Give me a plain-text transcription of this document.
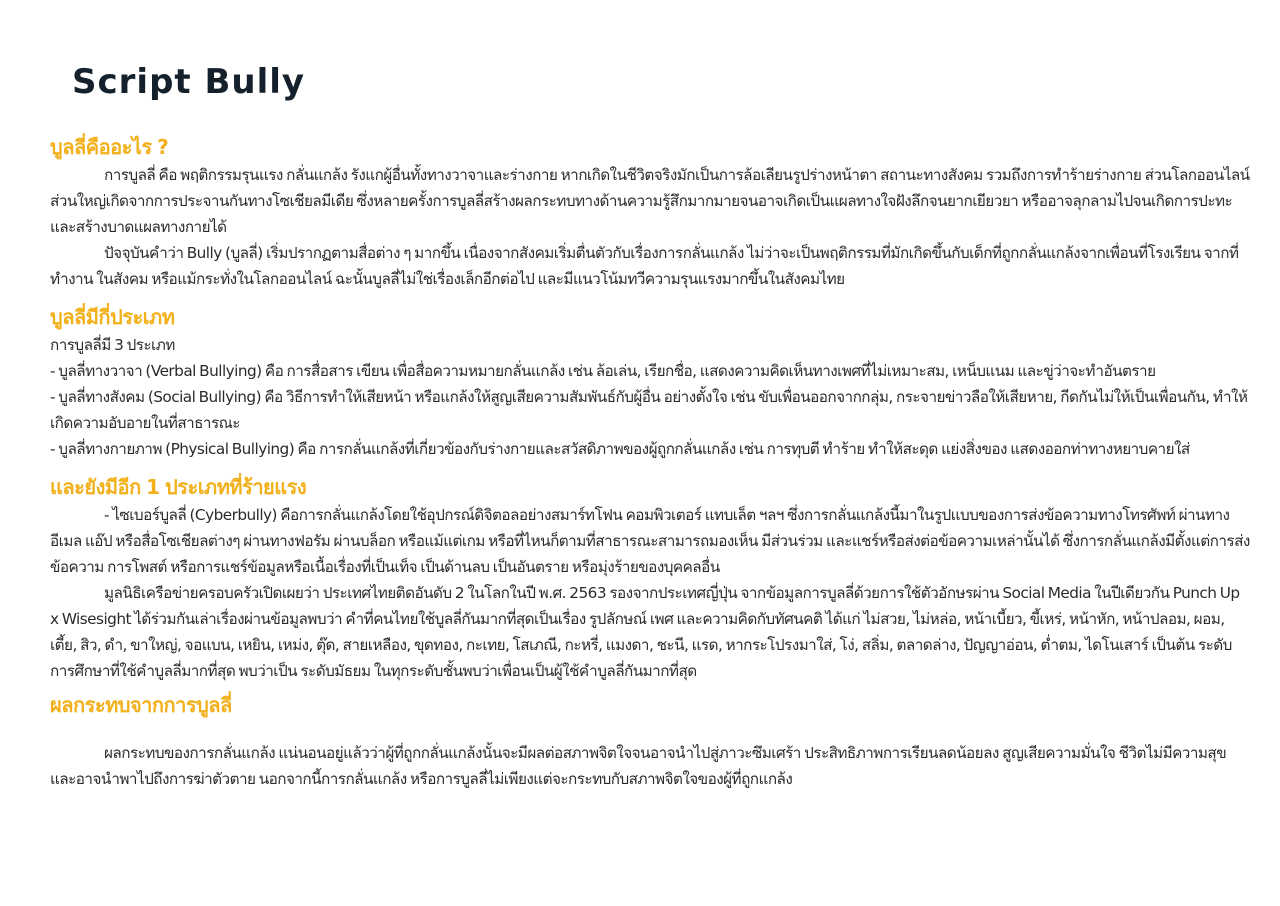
Script Bully
บูลลี่คืออะไร ?

การบูลลี่ คือ พฤติกรรมรุนแรง กลั่นแกล้ง รังแกผู้อื่นทั้งทางวาจาและร่างกาย หากเกิดในชีวิตจริงมักเป็นการล้อเลียนรูปร่างหน้าตา สถานะทางสังคม รวมถึงการทำร้ายร่างกาย ส่วนโลกออนไลน์ส่วนใหญ่เกิดจากการประจานกันทางโซเชียลมีเดีย ซึ่งหลายครั้งการบูลลี่สร้างผลกระทบทางด้านความรู้สึกมากมายจนอาจเกิดเป็นแผลทางใจฝังลึกจนยากเยียวยา หรืออาจลุกลามไปจนเกิดการปะทะและสร้างบาดแผลทางกายได้

ปัจจุบันคำว่า Bully (บูลลี่) เริ่มปรากฏตามสื่อต่าง ๆ มากขึ้น เนื่องจากสังคมเริ่มตื่นตัวกับเรื่องการกลั่นแกล้ง ไม่ว่าจะเป็นพฤติกรรมที่มักเกิดขึ้นกับเด็กที่ถูกกลั่นแกล้งจากเพื่อนที่โรงเรียน จากที่ทำงาน ในสังคม หรือแม้กระทั่งในโลกออนไลน์ ฉะนั้นบูลลี่ไม่ใช่เรื่องเล็กอีกต่อไป และมีแนวโน้มทวีความรุนแรงมากขึ้นในสังคมไทย

บูลลี่มีกี่ประเภท

การบูลลี่มี 3 ประเภท

- บูลลี่ทางวาจา (Verbal Bullying) คือ การสื่อสาร เขียน เพื่อสื่อความหมายกลั่นแกล้ง เช่น ล้อเล่น, เรียกชื่อ, แสดงความคิดเห็นทางเพศที่ไม่เหมาะสม, เหน็บแนม และขู่ว่าจะทำอันตราย

- บูลลี่ทางสังคม (Social Bullying) คือ วิธีการทำให้เสียหน้า หรือแกล้งให้สูญเสียความสัมพันธ์กับผู้อื่น อย่างตั้งใจ เช่น ขับเพื่อนออกจากกลุ่ม, กระจายข่าวลือให้เสียหาย, กีดกันไม่ให้เป็นเพื่อนกัน, ทำให้เกิดความอับอายในที่สาธารณะ

- บูลลี่ทางกายภาพ (Physical Bullying) คือ การกลั่นแกล้งที่เกี่ยวข้องกับร่างกายและสวัสดิภาพของผู้ถูกกลั่นแกล้ง เช่น การทุบตี ทำร้าย ทำให้สะดุด แย่งสิ่งของ แสดงออกท่าทางหยาบคายใส่

และยังมีอีก 1 ประเภทที่ร้ายแรง

- ไซเบอร์บูลลี่ (Cyberbully) คือการกลั่นแกล้งโดยใช้อุปกรณ์ดิจิตอลอย่างสมาร์ทโฟน คอมพิวเตอร์ แทบเล็ต ฯลฯ ซึ่งการกลั่นแกล้งนี้มาในรูปแบบของการส่งข้อความทางโทรศัพท์ ผ่านทางอีเมล แอ๊ป หรือสื่อโซเชียลต่างๆ ผ่านทางฟอรัม ผ่านบล็อก หรือแม้แต่เกม หรือที่ไหนก็ตามที่สาธารณะสามารถมองเห็น มีส่วนร่วม และแชร์หรือส่งต่อข้อความเหล่านั้นได้ ซึ่งการกลั่นแกล้งมีตั้งแต่การส่งข้อความ การโพสต์ หรือการแชร์ข้อมูลหรือเนื้อเรื่องที่เป็นเท็จ เป็นด้านลบ เป็นอันตราย หรือมุ่งร้ายของบุคคลอื่น

มูลนิธิเครือข่ายครอบครัวเปิดเผยว่า ประเทศไทยติดอันดับ 2 ในโลกในปี พ.ศ. 2563 รองจากประเทศญี่ปุ่น จากข้อมูลการบูลลี่ด้วยการใช้ตัวอักษรผ่าน Social Media ในปีเดียวกัน Punch Up x Wisesight ได้ร่วมกันเล่าเรื่องผ่านข้อมูลพบว่า คำที่คนไทยใช้บูลลี่กันมากที่สุดเป็นเรื่อง รูปลักษณ์ เพศ และความคิดกับทัศนคติ ได้แก่ ไม่สวย, ไม่หล่อ, หน้าเบี้ยว, ขี้เหร่, หน้าหัก, หน้าปลอม, ผอม, เตี้ย, สิว, ดำ, ขาใหญ่, จอแบน, เหยิน, เหม่ง, ตุ๊ด, สายเหลือง, ขุดทอง, กะเทย, โสเภณี, กะหรี่, แมงดา, ชะนี, แรด, หากระโปรงมาใส่, โง่, สลิ่ม, ตลาดล่าง, ปัญญาอ่อน, ต่ำตม, ไดโนเสาร์ เป็นต้น ระดับการศึกษาที่ใช้คำบูลลี่มากที่สุด พบว่าเป็น ระดับมัธยม ในทุกระดับชั้นพบว่าเพื่อนเป็นผู้ใช้คำบูลลี่กันมากที่สุด

ผลกระทบจากการบูลลี่

ผลกระทบของการกลั่นแกล้ง แน่นอนอยู่แล้วว่าผู้ที่ถูกกลั่นแกล้งนั้นจะมีผลต่อสภาพจิตใจจนอาจนำไปสู่ภาวะซึมเศร้า ประสิทธิภาพการเรียนลดน้อยลง สูญเสียความมั่นใจ ชีวิตไม่มีความสุข และอาจนำพาไปถึงการฆ่าตัวตาย นอกจากนี้การกลั่นแกล้ง หรือการบูลลี่ไม่เพียงแต่จะกระทบกับสภาพจิตใจของผู้ที่ถูกแกล้ง
